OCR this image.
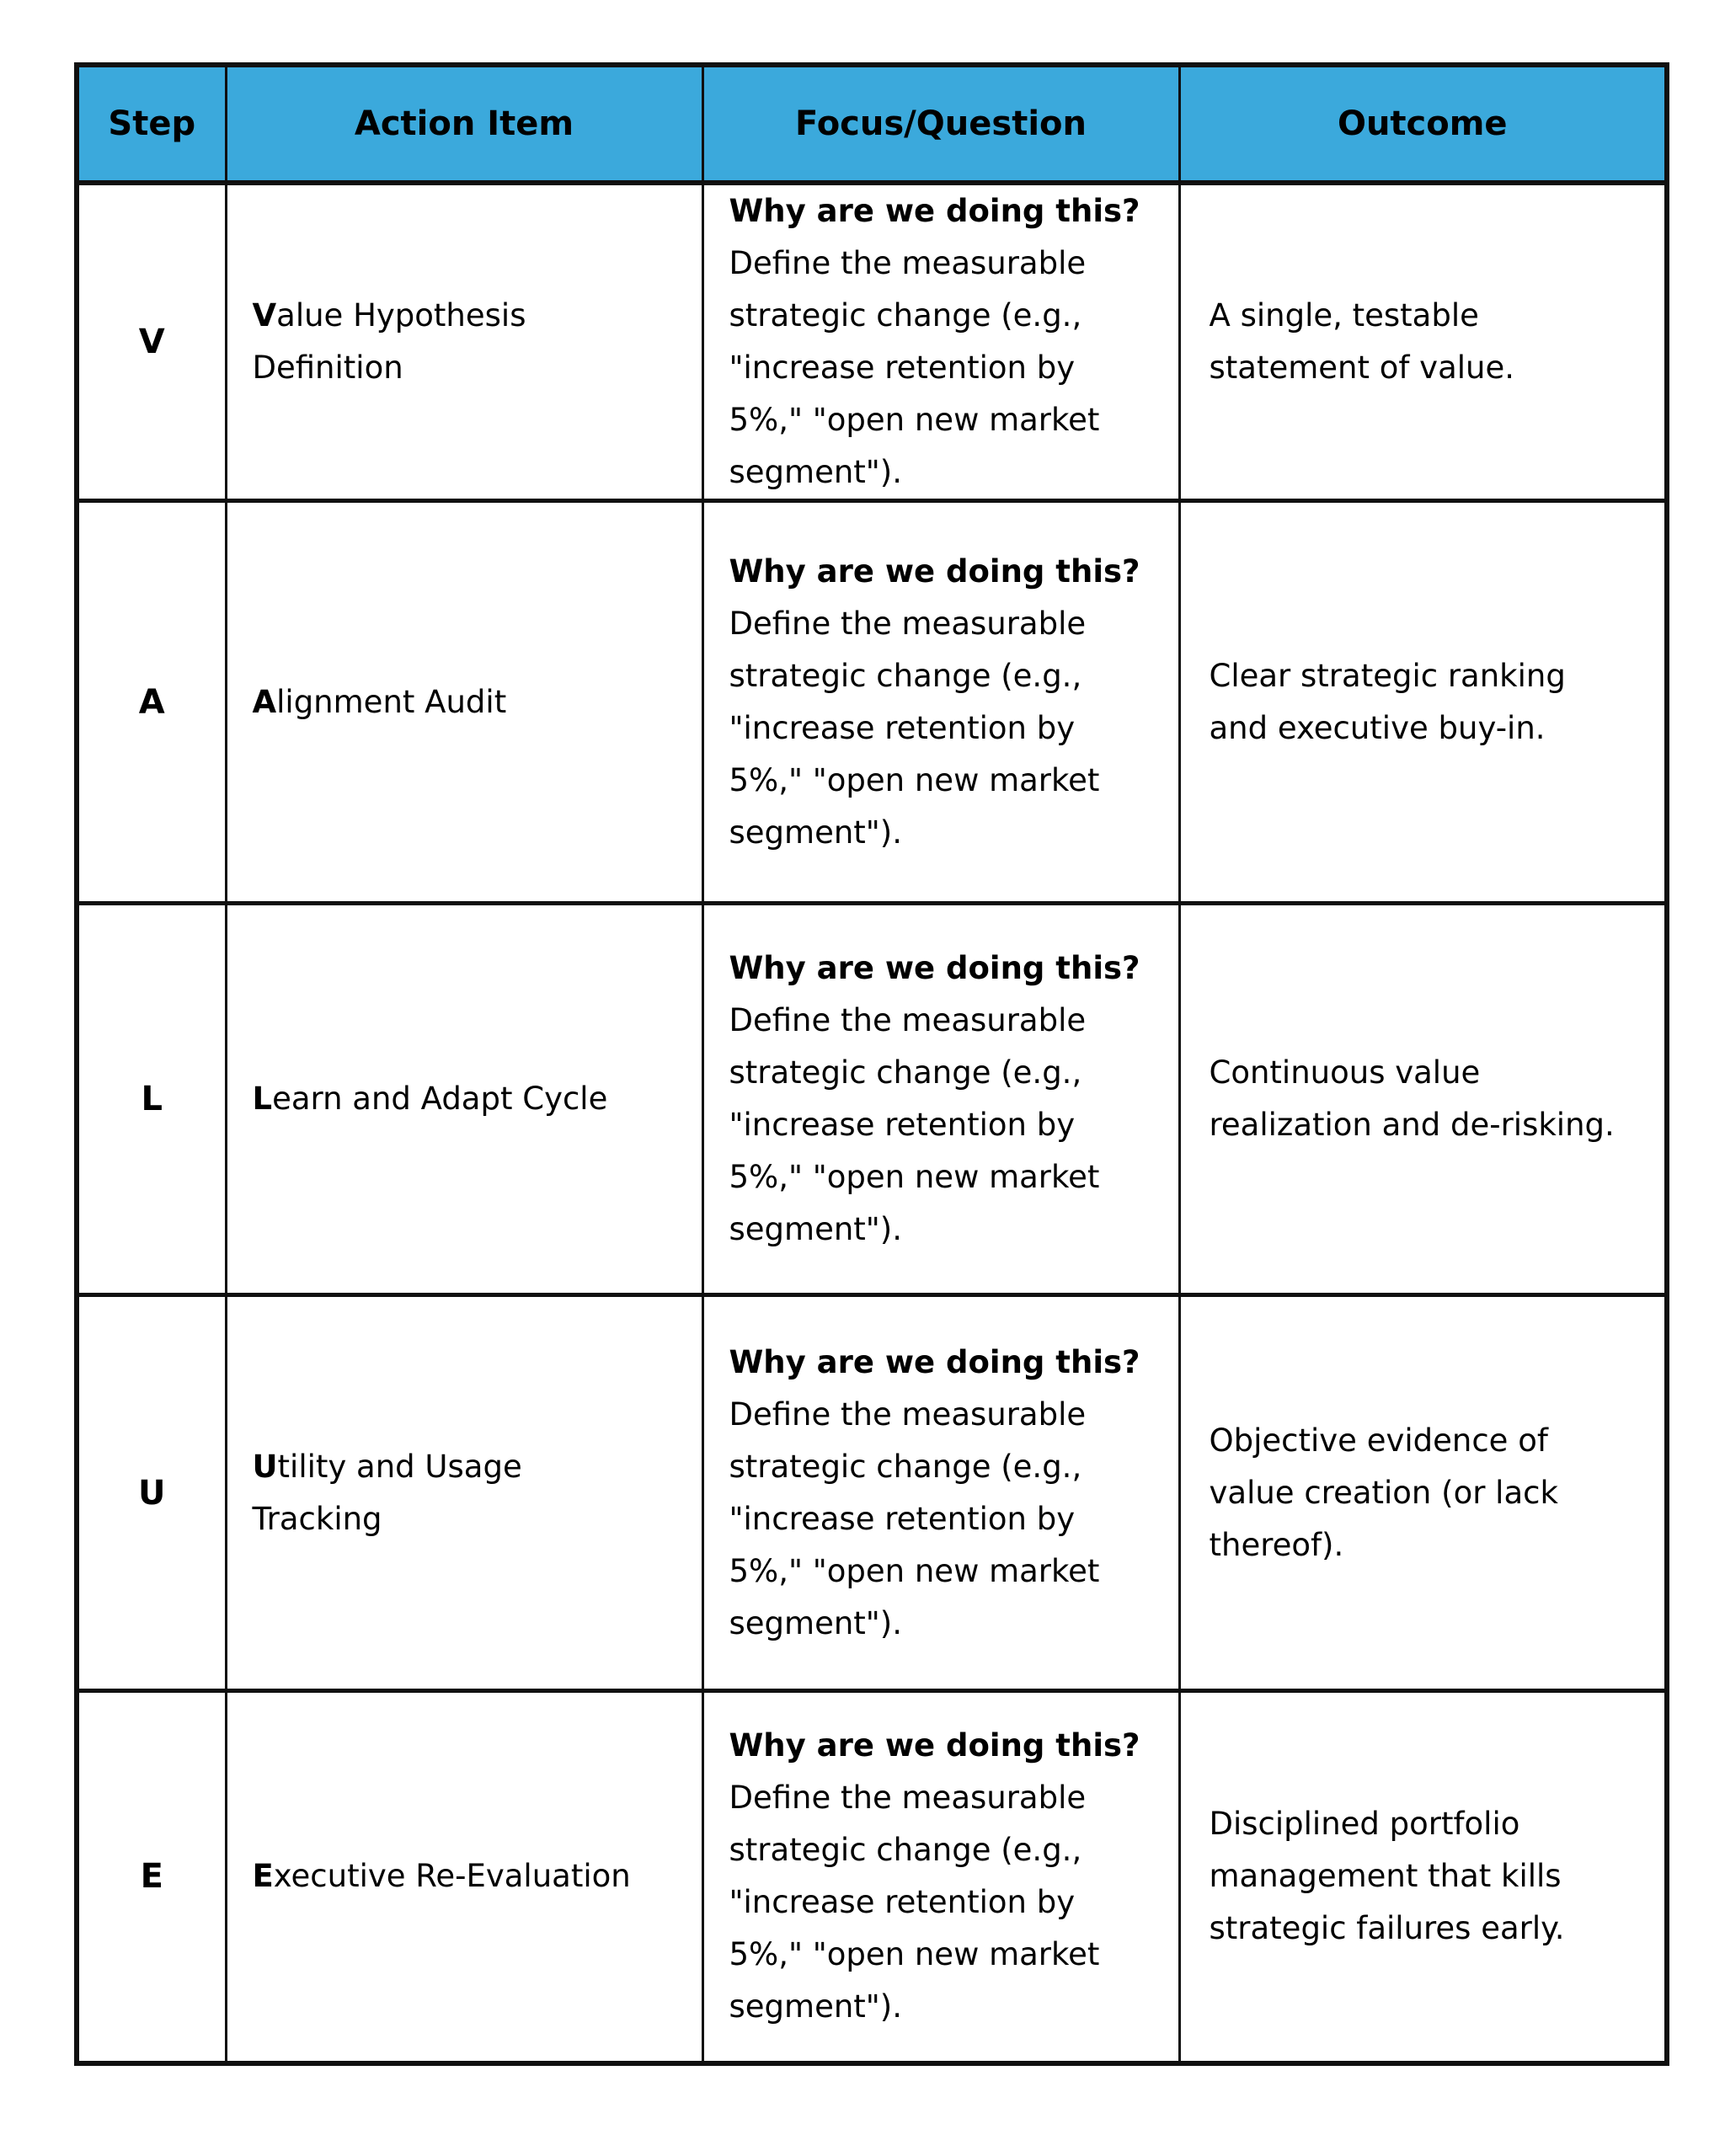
Step	Action Item	Focus/Question	Outcome
V	Value Hypothesis Definition	Why are we doing this?
Define the measurable strategic change (e.g., "increase retention by 5%," "open new market segment").	A single, testable statement of value.
A	Alignment Audit	Why are we doing this?
Define the measurable strategic change (e.g., "increase retention by 5%," "open new market segment").	Clear strategic ranking and executive buy-in.
L	Learn and Adapt Cycle	Why are we doing this?
Define the measurable strategic change (e.g., "increase retention by 5%," "open new market segment").	Continuous value realization and de-risking.
U	Utility and Usage Tracking	Why are we doing this?
Define the measurable strategic change (e.g., "increase retention by 5%," "open new market segment").	Objective evidence of value creation (or lack thereof).
E	Executive Re-Evaluation	Why are we doing this?
Define the measurable strategic change (e.g., "increase retention by 5%," "open new market segment").	Disciplined portfolio management that kills strategic failures early.
